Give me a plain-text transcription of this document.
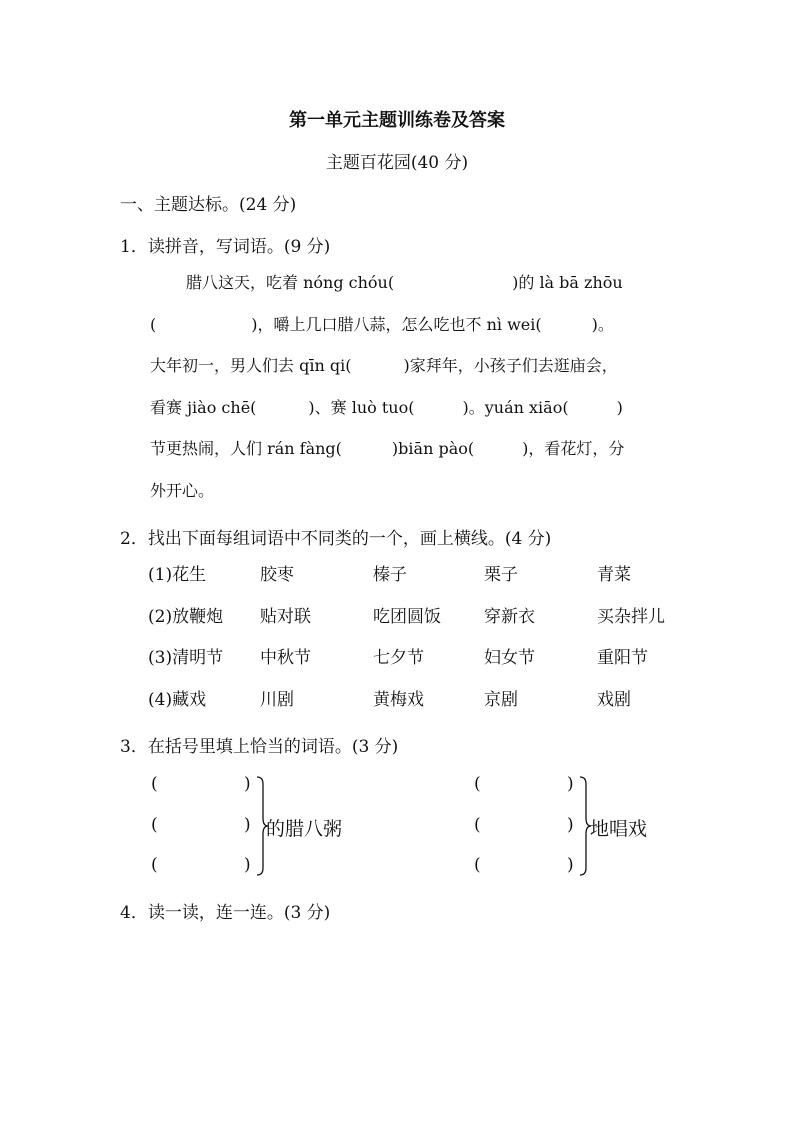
第一单元主题训练卷及答案
主题百花园(40 分)
一、主题达标。(24 分)
1．读拼音，写词语。(9 分)
腊八这天，吃着 nóng chóu(	)的 là bā zhōu
(	)，嚼上几口腊八蒜，怎么吃也不 nì wei(	)。
大年初一，男人们去 qīn qi(	)家拜年，小孩子们去逛庙会，
看赛 jiào chē(	)、赛 luò tuo(	)。yuán xiāo(	)
节更热闹，人们 rán fàng(	)biān pào(	)，看花灯，分
外开心。
2．找出下面每组词语中不同类的一个，画上横线。(4 分)
(1)花生	胶枣	榛子	栗子	青菜
(2)放鞭炮 贴对联	吃团圆饭	穿新衣	买杂拌儿
(3)清明节 中秋节	七夕节	妇女节	重阳节
(4)藏戏	川剧	黄梅戏	京剧	戏剧
3．在括号里填上恰当的词语。(3 分)
(	)
(	)
(	)
的腊八粥
(	)
(	)
(	)
地唱戏
4．读一读，连一连。(3 分)
